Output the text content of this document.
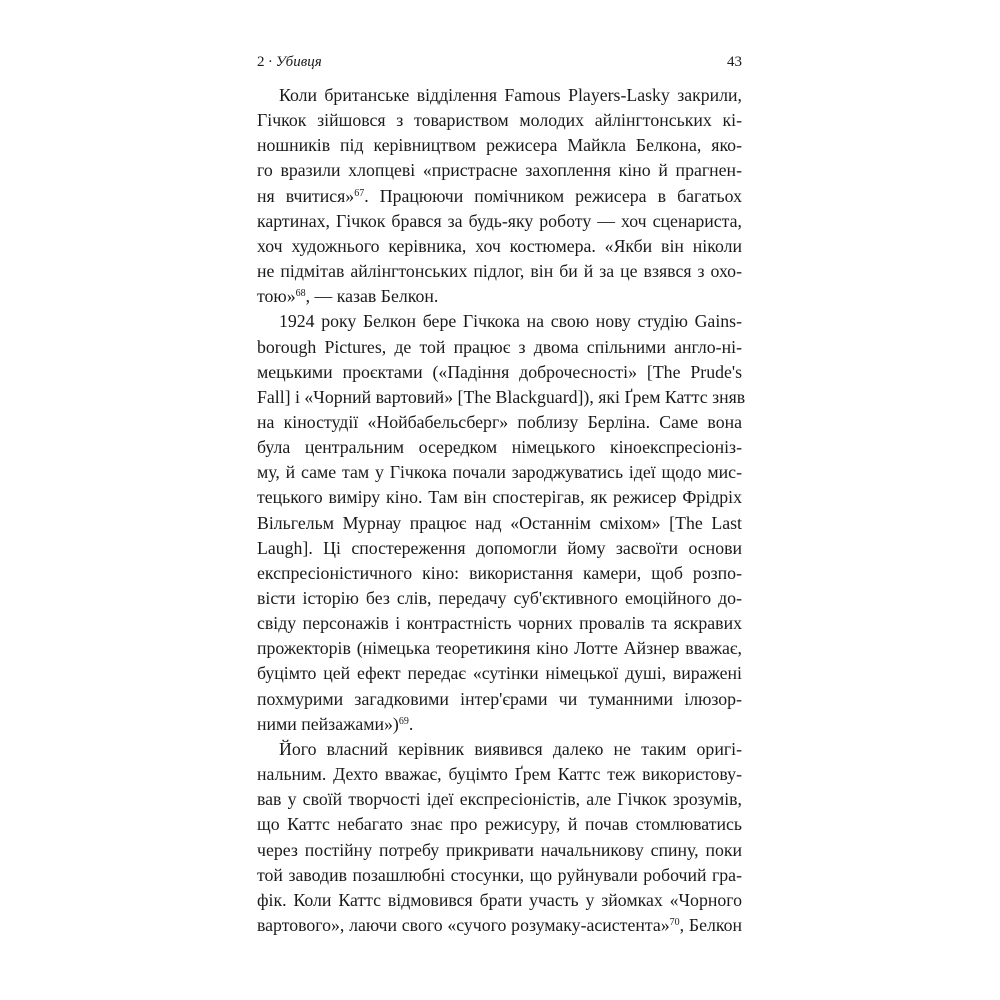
2 · Убивця	43
Коли британське відділення Famous Players-Lasky закрили,
Гічкок зійшовся з товариством молодих айлінгтонських кі-
ношників під керівництвом режисера Майкла Белкона, яко-
го вразили хлопцеві «пристрасне захоплення кіно й прагнен-
ня вчитися»$^{67}$. Працюючи помічником режисера в багатьох
картинах, Гічкок брався за будь-яку роботу — хоч сценариста,
хоч художнього керівника, хоч костюмера. «Якби він ніколи
не підмітав айлінгтонських підлог, він би й за це взявся з охо-
тою»$^{68}$, — казав Белкон.
1924 року Белкон бере Гічкока на свою нову студію Gains-
borough Pictures, де той працює з двома спільними англо-ні-
мецькими проєктами («Падіння доброчесності» [The Prude's
Fall] і «Чорний вартовий» [The Blackguard]), які Ґрем Каттс зняв
на кіностудії «Нойбабельсберг» поблизу Берліна. Саме вона
була центральним осередком німецького кіноекспресіоніз-
му, й саме там у Гічкока почали зароджуватись ідеї щодо мис-
тецького виміру кіно. Там він спостерігав, як режисер Фрідріх
Вільгельм Мурнау працює над «Останнім сміхом» [The Last
Laugh]. Ці спостереження допомогли йому засвоїти основи
експресіоністичного кіно: використання камери, щоб розпо-
вісти історію без слів, передачу суб'єктивного емоційного до-
свіду персонажів і контрастність чорних провалів та яскравих
прожекторів (німецька теоретикиня кіно Лотте Айзнер вважає,
буцімто цей ефект передає «сутінки німецької душі, виражені
похмурими загадковими інтер'єрами чи туманними ілюзор-
ними пейзажами»)$^{69}$.
Його власний керівник виявився далеко не таким оригі-
нальним. Дехто вважає, буцімто Ґрем Каттс теж використову-
вав у своїй творчості ідеї експресіоністів, але Гічкок зрозумів,
що Каттс небагато знає про режисуру, й почав стомлюватись
через постійну потребу прикривати начальникову спину, поки
той заводив позашлюбні стосунки, що руйнували робочий гра-
фік. Коли Каттс відмовився брати участь у зйомках «Чорного
вартового», лаючи свого «сучого розумаку-асистента»$^{70}$, Белкон
